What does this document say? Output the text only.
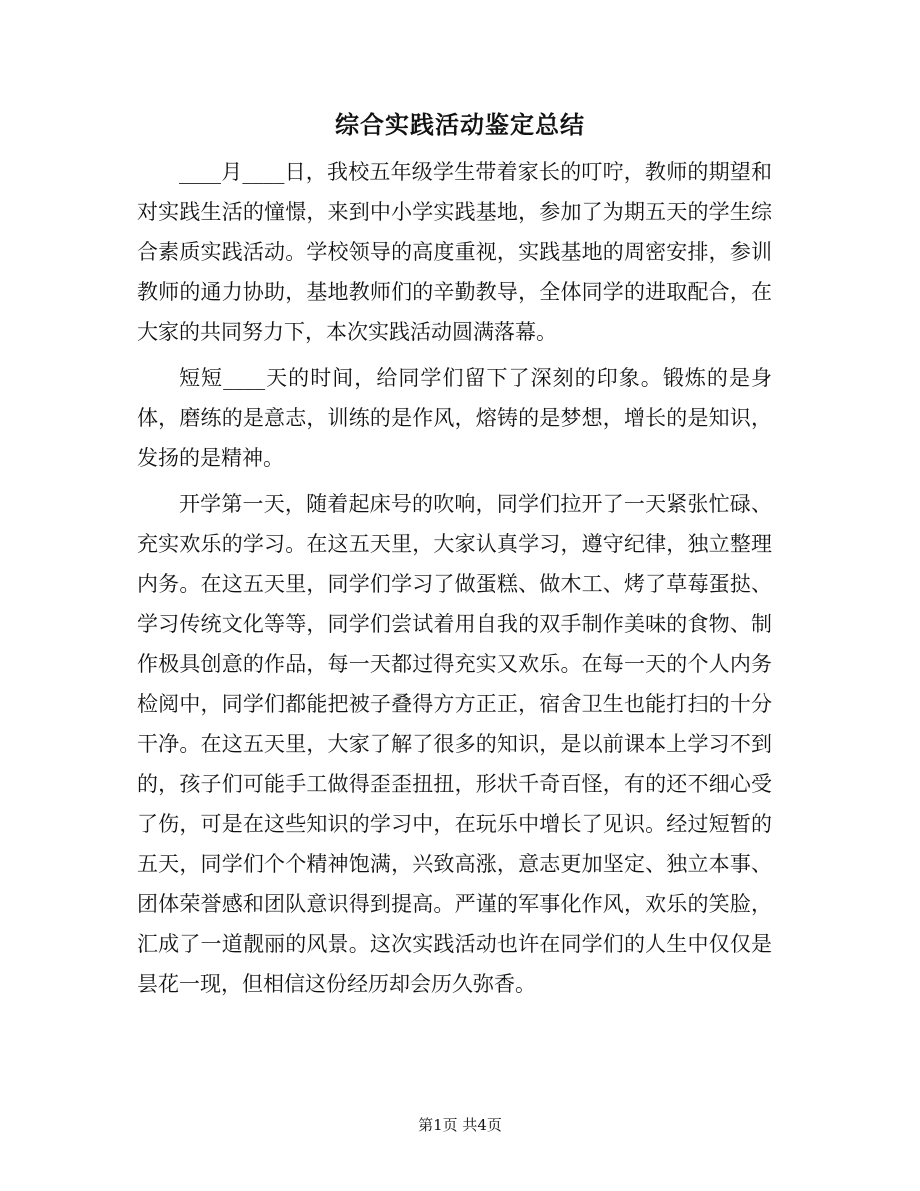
综合实践活动鉴定总结

____月____日，我校五年级学生带着家长的叮咛，教师的期望和对实践生活的憧憬，来到中小学实践基地，参加了为期五天的学生综合素质实践活动。学校领导的高度重视，实践基地的周密安排，参训教师的通力协助，基地教师们的辛勤教导，全体同学的进取配合，在大家的共同努力下，本次实践活动圆满落幕。

短短____天的时间，给同学们留下了深刻的印象。锻炼的是身体，磨练的是意志，训练的是作风，熔铸的是梦想，增长的是知识，发扬的是精神。

开学第一天，随着起床号的吹响，同学们拉开了一天紧张忙碌、充实欢乐的学习。在这五天里，大家认真学习，遵守纪律，独立整理内务。在这五天里，同学们学习了做蛋糕、做木工、烤了草莓蛋挞、学习传统文化等等，同学们尝试着用自我的双手制作美味的食物、制作极具创意的作品，每一天都过得充实又欢乐。在每一天的个人内务检阅中，同学们都能把被子叠得方方正正，宿舍卫生也能打扫的十分干净。在这五天里，大家了解了很多的知识，是以前课本上学习不到的，孩子们可能手工做得歪歪扭扭，形状千奇百怪，有的还不细心受了伤，可是在这些知识的学习中，在玩乐中增长了见识。经过短暂的五天，同学们个个精神饱满，兴致高涨，意志更加坚定、独立本事、团体荣誉感和团队意识得到提高。严谨的军事化作风，欢乐的笑脸，汇成了一道靓丽的风景。这次实践活动也许在同学们的人生中仅仅是昙花一现，但相信这份经历却会历久弥香。

第1页 共4页
